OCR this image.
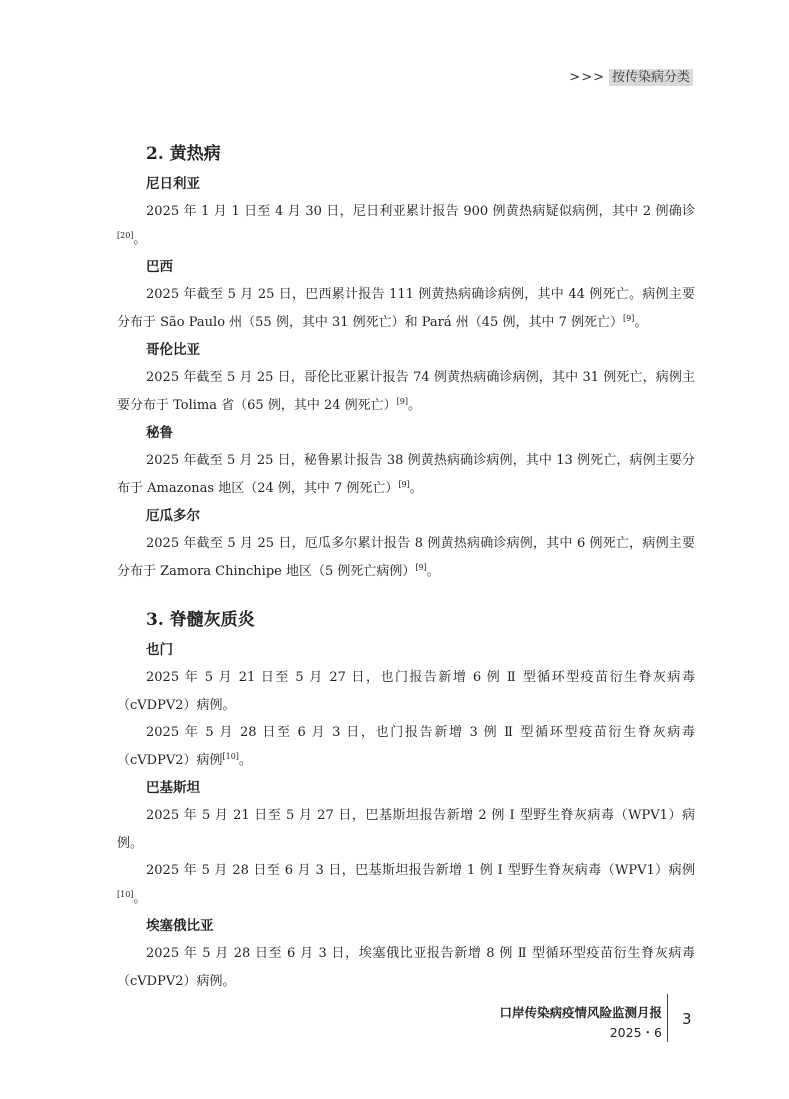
>>> 按传染病分类
2. 黄热病
尼日利亚

2025 年 1 月 1 日至 4 月 30 日，尼日利亚累计报告 900 例黄热病疑似病例，其中 2 例确诊[20]。

巴西

2025 年截至 5 月 25 日，巴西累计报告 111 例黄热病确诊病例，其中 44 例死亡。病例主要分布于 São Paulo 州（55 例，其中 31 例死亡）和 Pará 州（45 例，其中 7 例死亡）[9]。

哥伦比亚

2025 年截至 5 月 25 日，哥伦比亚累计报告 74 例黄热病确诊病例，其中 31 例死亡，病例主要分布于 Tolima 省（65 例，其中 24 例死亡）[9]。

秘鲁

2025 年截至 5 月 25 日，秘鲁累计报告 38 例黄热病确诊病例，其中 13 例死亡，病例主要分布于 Amazonas 地区（24 例，其中 7 例死亡）[9]。

厄瓜多尔

2025 年截至 5 月 25 日，厄瓜多尔累计报告 8 例黄热病确诊病例，其中 6 例死亡，病例主要分布于 Zamora Chinchipe 地区（5 例死亡病例）[9]。

3. 脊髓灰质炎
也门

2025 年 5 月 21 日至 5 月 27 日，也门报告新增 6 例 Ⅱ 型循环型疫苗衍生脊灰病毒（cVDPV2）病例。

2025 年 5 月 28 日至 6 月 3 日，也门报告新增 3 例 Ⅱ 型循环型疫苗衍生脊灰病毒（cVDPV2）病例[10]。

巴基斯坦

2025 年 5 月 21 日至 5 月 27 日，巴基斯坦报告新增 2 例 Ⅰ 型野生脊灰病毒（WPV1）病例。

2025 年 5 月 28 日至 6 月 3 日，巴基斯坦报告新增 1 例 Ⅰ 型野生脊灰病毒（WPV1）病例[10]。

埃塞俄比亚

2025 年 5 月 28 日至 6 月 3 日，埃塞俄比亚报告新增 8 例 Ⅱ 型循环型疫苗衍生脊灰病毒（cVDPV2）病例。

口岸传染病疫情风险监测月报
2025・6
3
